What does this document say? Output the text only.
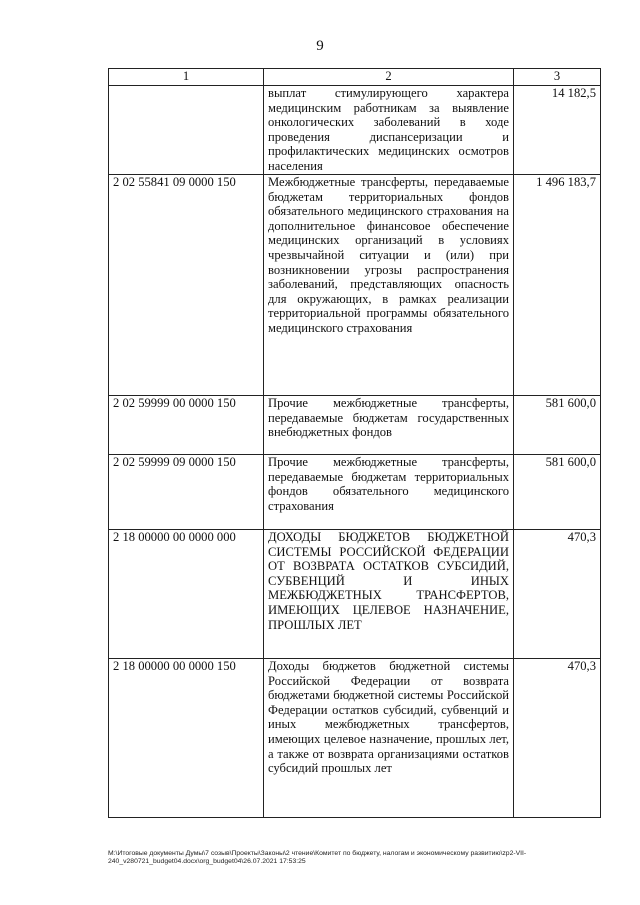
9
1	2	3
	выплат стимулирующего характера медицинским работникам за выявление онкологических заболеваний в ходе проведения диспансеризации и профилактических медицинских осмотров населения	14 182,5
2 02 55841 09 0000 150	Межбюджетные трансферты, передаваемые бюджетам территориальных фондов обязательного медицинского страхования на дополнительное финансовое обеспечение медицинских организаций в условиях чрезвычайной ситуации и (или) при возникновении угрозы распространения заболеваний, представляющих опасность для окружающих, в рамках реализации территориальной программы обязательного медицинского страхования	1 496 183,7
2 02 59999 00 0000 150	Прочие межбюджетные трансферты, передаваемые бюджетам государственных внебюджетных фондов	581 600,0
2 02 59999 09 0000 150	Прочие межбюджетные трансферты, передаваемые бюджетам территориальных фондов обязательного медицинского страхования	581 600,0
2 18 00000 00 0000 000	ДОХОДЫ БЮДЖЕТОВ БЮДЖЕТНОЙ СИСТЕМЫ РОССИЙСКОЙ ФЕДЕРАЦИИ ОТ ВОЗВРАТА ОСТАТКОВ СУБСИДИЙ, СУБВЕНЦИЙ И ИНЫХ МЕЖБЮДЖЕТНЫХ ТРАНСФЕРТОВ, ИМЕЮЩИХ ЦЕЛЕВОЕ НАЗНАЧЕНИЕ, ПРОШЛЫХ ЛЕТ	470,3
2 18 00000 00 0000 150	Доходы бюджетов бюджетной системы Российской Федерации от возврата бюджетами бюджетной системы Российской Федерации остатков субсидий, субвенций и иных межбюджетных трансфертов, имеющих целевое назначение, прошлых лет, а также от возврата организациями остатков субсидий прошлых лет	470,3
M:\Итоговые документы Думы\7 созыв\Проекты\Законы\2 чтение\Комитет по бюджету, налогам и экономическому развитию\zp2-VII-240_v280721_budget04.docx\org_budget04\26.07.2021 17:53:25
